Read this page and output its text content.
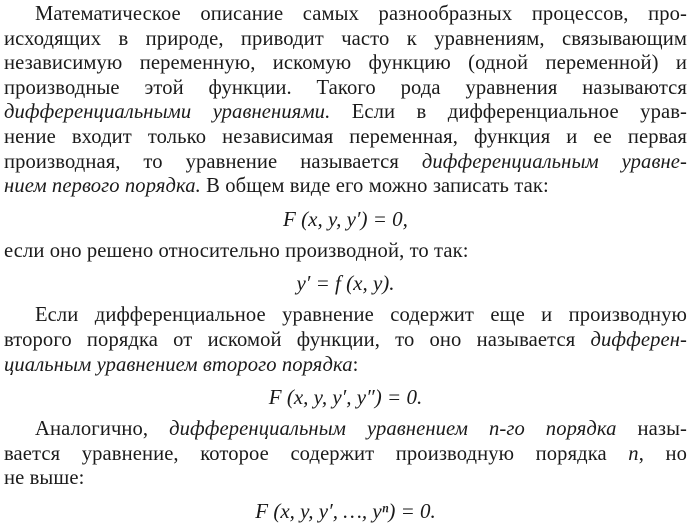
Математическое описание самых разнообразных процессов, про-
исходящих в природе, приводит часто к уравнениям, связывающим
независимую переменную, искомую функцию (одной переменной) и
производные этой функции. Такого рода уравнения называются
дифференциальными уравнениями. Если в дифференциальное урав-
нение входит только независимая переменная, функция и ее первая
производная, то уравнение называется дифференциальным уравне-
нием первого порядка. В общем виде его можно записать так:
F (x, y, y′) = 0,
если оно решено относительно производной, то так:
y′ = f (x, y).
Если дифференциальное уравнение содержит еще и производную
второго порядка от искомой функции, то оно называется дифферен-
циальным уравнением второго порядка:
F (x, y, y′, y″) = 0.
Аналогично, дифференциальным уравнением n-го порядка назы-
вается уравнение, которое содержит производную порядка n, но
не выше:
F (x, y, y′, …, yⁿ) = 0.
